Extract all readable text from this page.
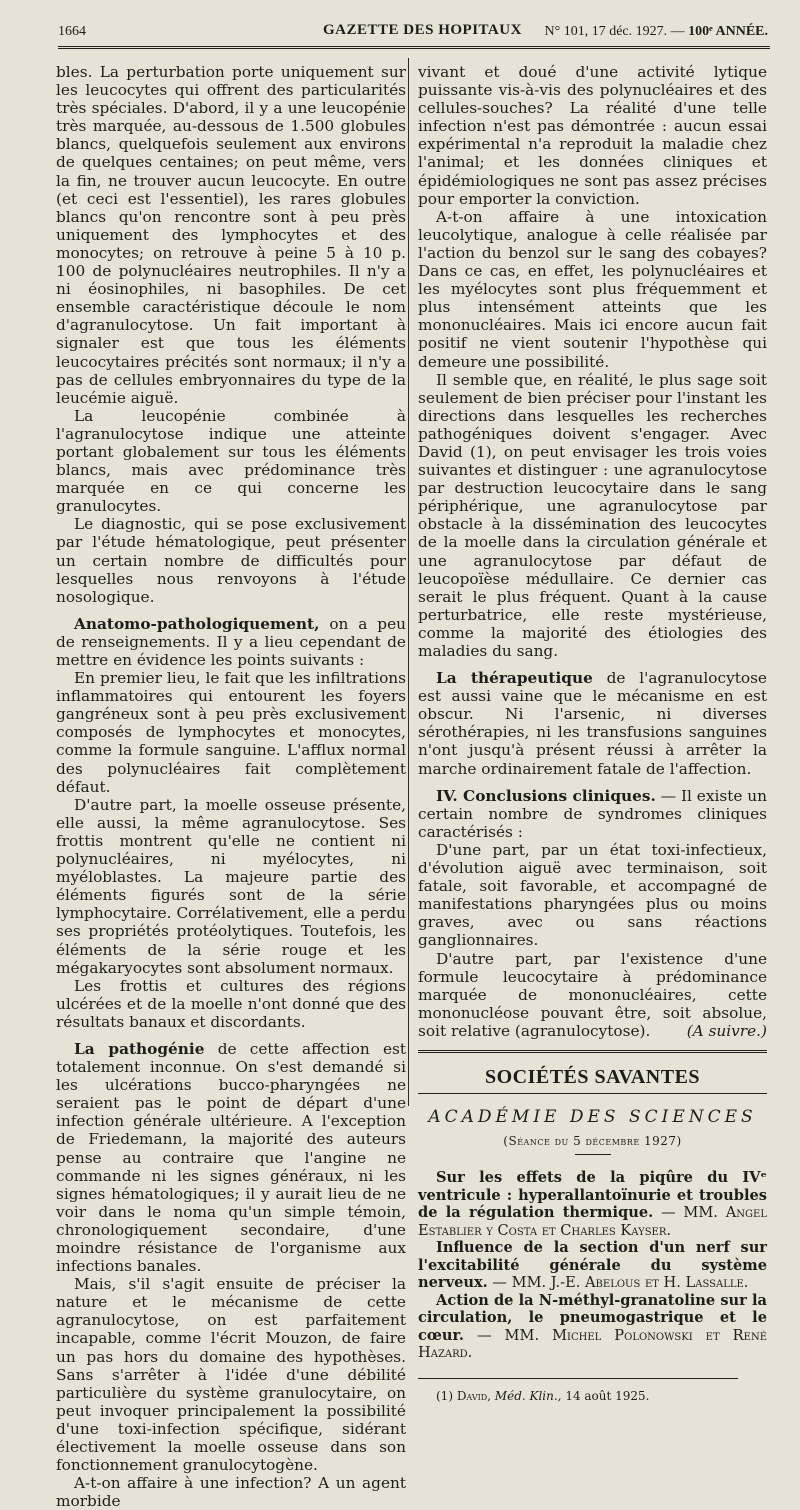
1664	GAZETTE DES HOPITAUX N° 101, 17 déc. 1927. — 100ᵉ ANNÉE.

bles. La perturbation porte uniquement sur les leucocytes qui offrent des particularités très spéciales. D'abord, il y a une leucopénie très marquée, au-dessous de 1.500 globules blancs, quelquefois seulement aux environs de quelques centaines; on peut même, vers la fin, ne trouver aucun leucocyte. En outre (et ceci est l'essentiel), les rares globules blancs qu'on rencontre sont à peu près uniquement des lymphocytes et des monocytes; on retrouve à peine 5 à 10 p. 100 de polynucléaires neutrophiles. Il n'y a ni éosinophiles, ni basophiles. De cet ensemble caractéristique découle le nom d'agranulocytose. Un fait important à signaler est que tous les éléments leucocytaires précités sont normaux; il n'y a pas de cellules embryonnaires du type de la leucémie aiguë.

La leucopénie combinée à l'agranulocytose indique une atteinte portant globalement sur tous les éléments blancs, mais avec prédominance très marquée en ce qui concerne les granulocytes.

Le diagnostic, qui se pose exclusivement par l'étude hématologique, peut présenter un certain nombre de difficultés pour lesquelles nous renvoyons à l'étude nosologique.

Anatomo-pathologiquement, on a peu de renseignements. Il y a lieu cependant de mettre en évidence les points suivants :

En premier lieu, le fait que les infiltrations inflammatoires qui entourent les foyers gangréneux sont à peu près exclusivement composés de lymphocytes et monocytes, comme la formule sanguine. L'afflux normal des polynucléaires fait complètement défaut.

D'autre part, la moelle osseuse présente, elle aussi, la même agranulocytose. Ses frottis montrent qu'elle ne contient ni polynucléaires, ni myélocytes, ni myéloblastes. La majeure partie des éléments figurés sont de la série lymphocytaire. Corrélativement, elle a perdu ses propriétés protéolytiques. Toutefois, les éléments de la série rouge et les mégakaryocytes sont absolument normaux.

Les frottis et cultures des régions ulcérées et de la moelle n'ont donné que des résultats banaux et discordants.

La pathogénie de cette affection est totalement inconnue. On s'est demandé si les ulcérations bucco-pharyngées ne seraient pas le point de départ d'une infection générale ultérieure. A l'exception de Friedemann, la majorité des auteurs pense au contraire que l'angine ne commande ni les signes généraux, ni les signes hématologiques; il y aurait lieu de ne voir dans le noma qu'un simple témoin, chronologiquement secondaire, d'une moindre résistance de l'organisme aux infections banales.

Mais, s'il s'agit ensuite de préciser la nature et le mécanisme de cette agranulocytose, on est parfaitement incapable, comme l'écrit Mouzon, de faire un pas hors du domaine des hypothèses. Sans s'arrêter à l'idée d'une débilité particulière du système granulocytaire, on peut invoquer principalement la possibilité d'une toxi-infection spécifique, sidérant électivement la moelle osseuse dans son fonctionnement granulocytogène.

A-t-on affaire à une infection? A un agent morbide

vivant et doué d'une activité lytique puissante vis-à-vis des polynucléaires et des cellules-souches? La réalité d'une telle infection n'est pas démontrée : aucun essai expérimental n'a reproduit la maladie chez l'animal; et les données cliniques et épidémiologiques ne sont pas assez précises pour emporter la conviction.

A-t-on affaire à une intoxication leucolytique, analogue à celle réalisée par l'action du benzol sur le sang des cobayes? Dans ce cas, en effet, les polynucléaires et les myélocytes sont plus fréquemment et plus intensément atteints que les mononucléaires. Mais ici encore aucun fait positif ne vient soutenir l'hypothèse qui demeure une possibilité.

Il semble que, en réalité, le plus sage soit seulement de bien préciser pour l'instant les directions dans lesquelles les recherches pathogéniques doivent s'engager. Avec David (1), on peut envisager les trois voies suivantes et distinguer : une agranulocytose par destruction leucocytaire dans le sang périphérique, une agranulocytose par obstacle à la dissémination des leucocytes de la moelle dans la circulation générale et une agranulocytose par défaut de leucopoïèse médullaire. Ce dernier cas serait le plus fréquent. Quant à la cause perturbatrice, elle reste mystérieuse, comme la majorité des étiologies des maladies du sang.

La thérapeutique de l'agranulocytose est aussi vaine que le mécanisme en est obscur. Ni l'arsenic, ni diverses sérothérapies, ni les transfusions sanguines n'ont jusqu'à présent réussi à arrêter la marche ordinairement fatale de l'affection.

IV. Conclusions cliniques. — Il existe un certain nombre de syndromes cliniques caractérisés :

D'une part, par un état toxi-infectieux, d'évolution aiguë avec terminaison, soit fatale, soit favorable, et accompagné de manifestations pharyngées plus ou moins graves, avec ou sans réactions ganglionnaires.

D'autre part, par l'existence d'une formule leucocytaire à prédominance marquée de mononucléaires, cette mononucléose pouvant être, soit absolue, soit relative (agranulocytose).	(A suivre.)

SOCIÉTÉS SAVANTES
ACADÉMIE DES SCIENCES
(Séance du 5 décembre 1927)

Sur les effets de la piqûre du IVᵉ ventricule : hyperallantoïnurie et troubles de la régulation thermique. — MM. Angel Establier y Costa et Charles Kayser.

Influence de la section d'un nerf sur l'excitabilité générale du système nerveux. — MM. J.-E. Abelous et H. Lassalle.

Action de la N-méthyl-granatoline sur la circulation, le pneumogastrique et le cœur. — MM. Michel Polonowski et René Hazard.

(1) David, Méd. Klin., 14 août 1925.
